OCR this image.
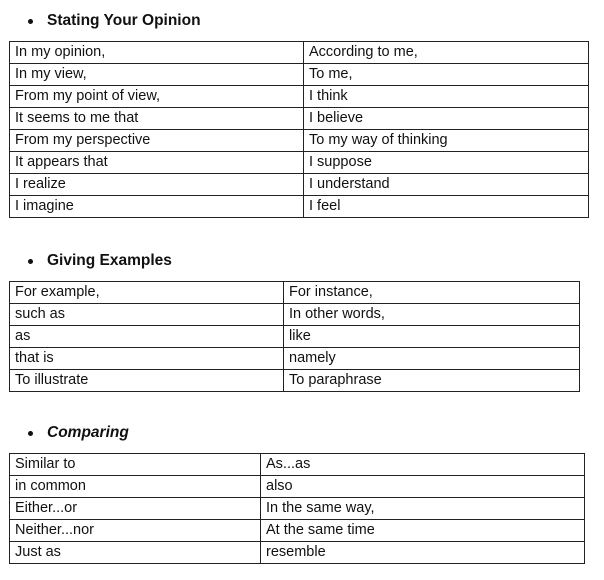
Stating Your Opinion
In my opinion,	According to me,
In my view,	To me,
From my point of view,	I think
It seems to me that	I believe
From my perspective	To my way of thinking
It appears that	I suppose
I realize	I understand
I imagine	I feel
Giving Examples
For example,	For instance,
such as	In other words,
as	like
that is	namely
To illustrate	To paraphrase
Comparing
Similar to	As...as
in common	also
Either...or	In the same way,
Neither...nor	At the same time
Just as	resemble
